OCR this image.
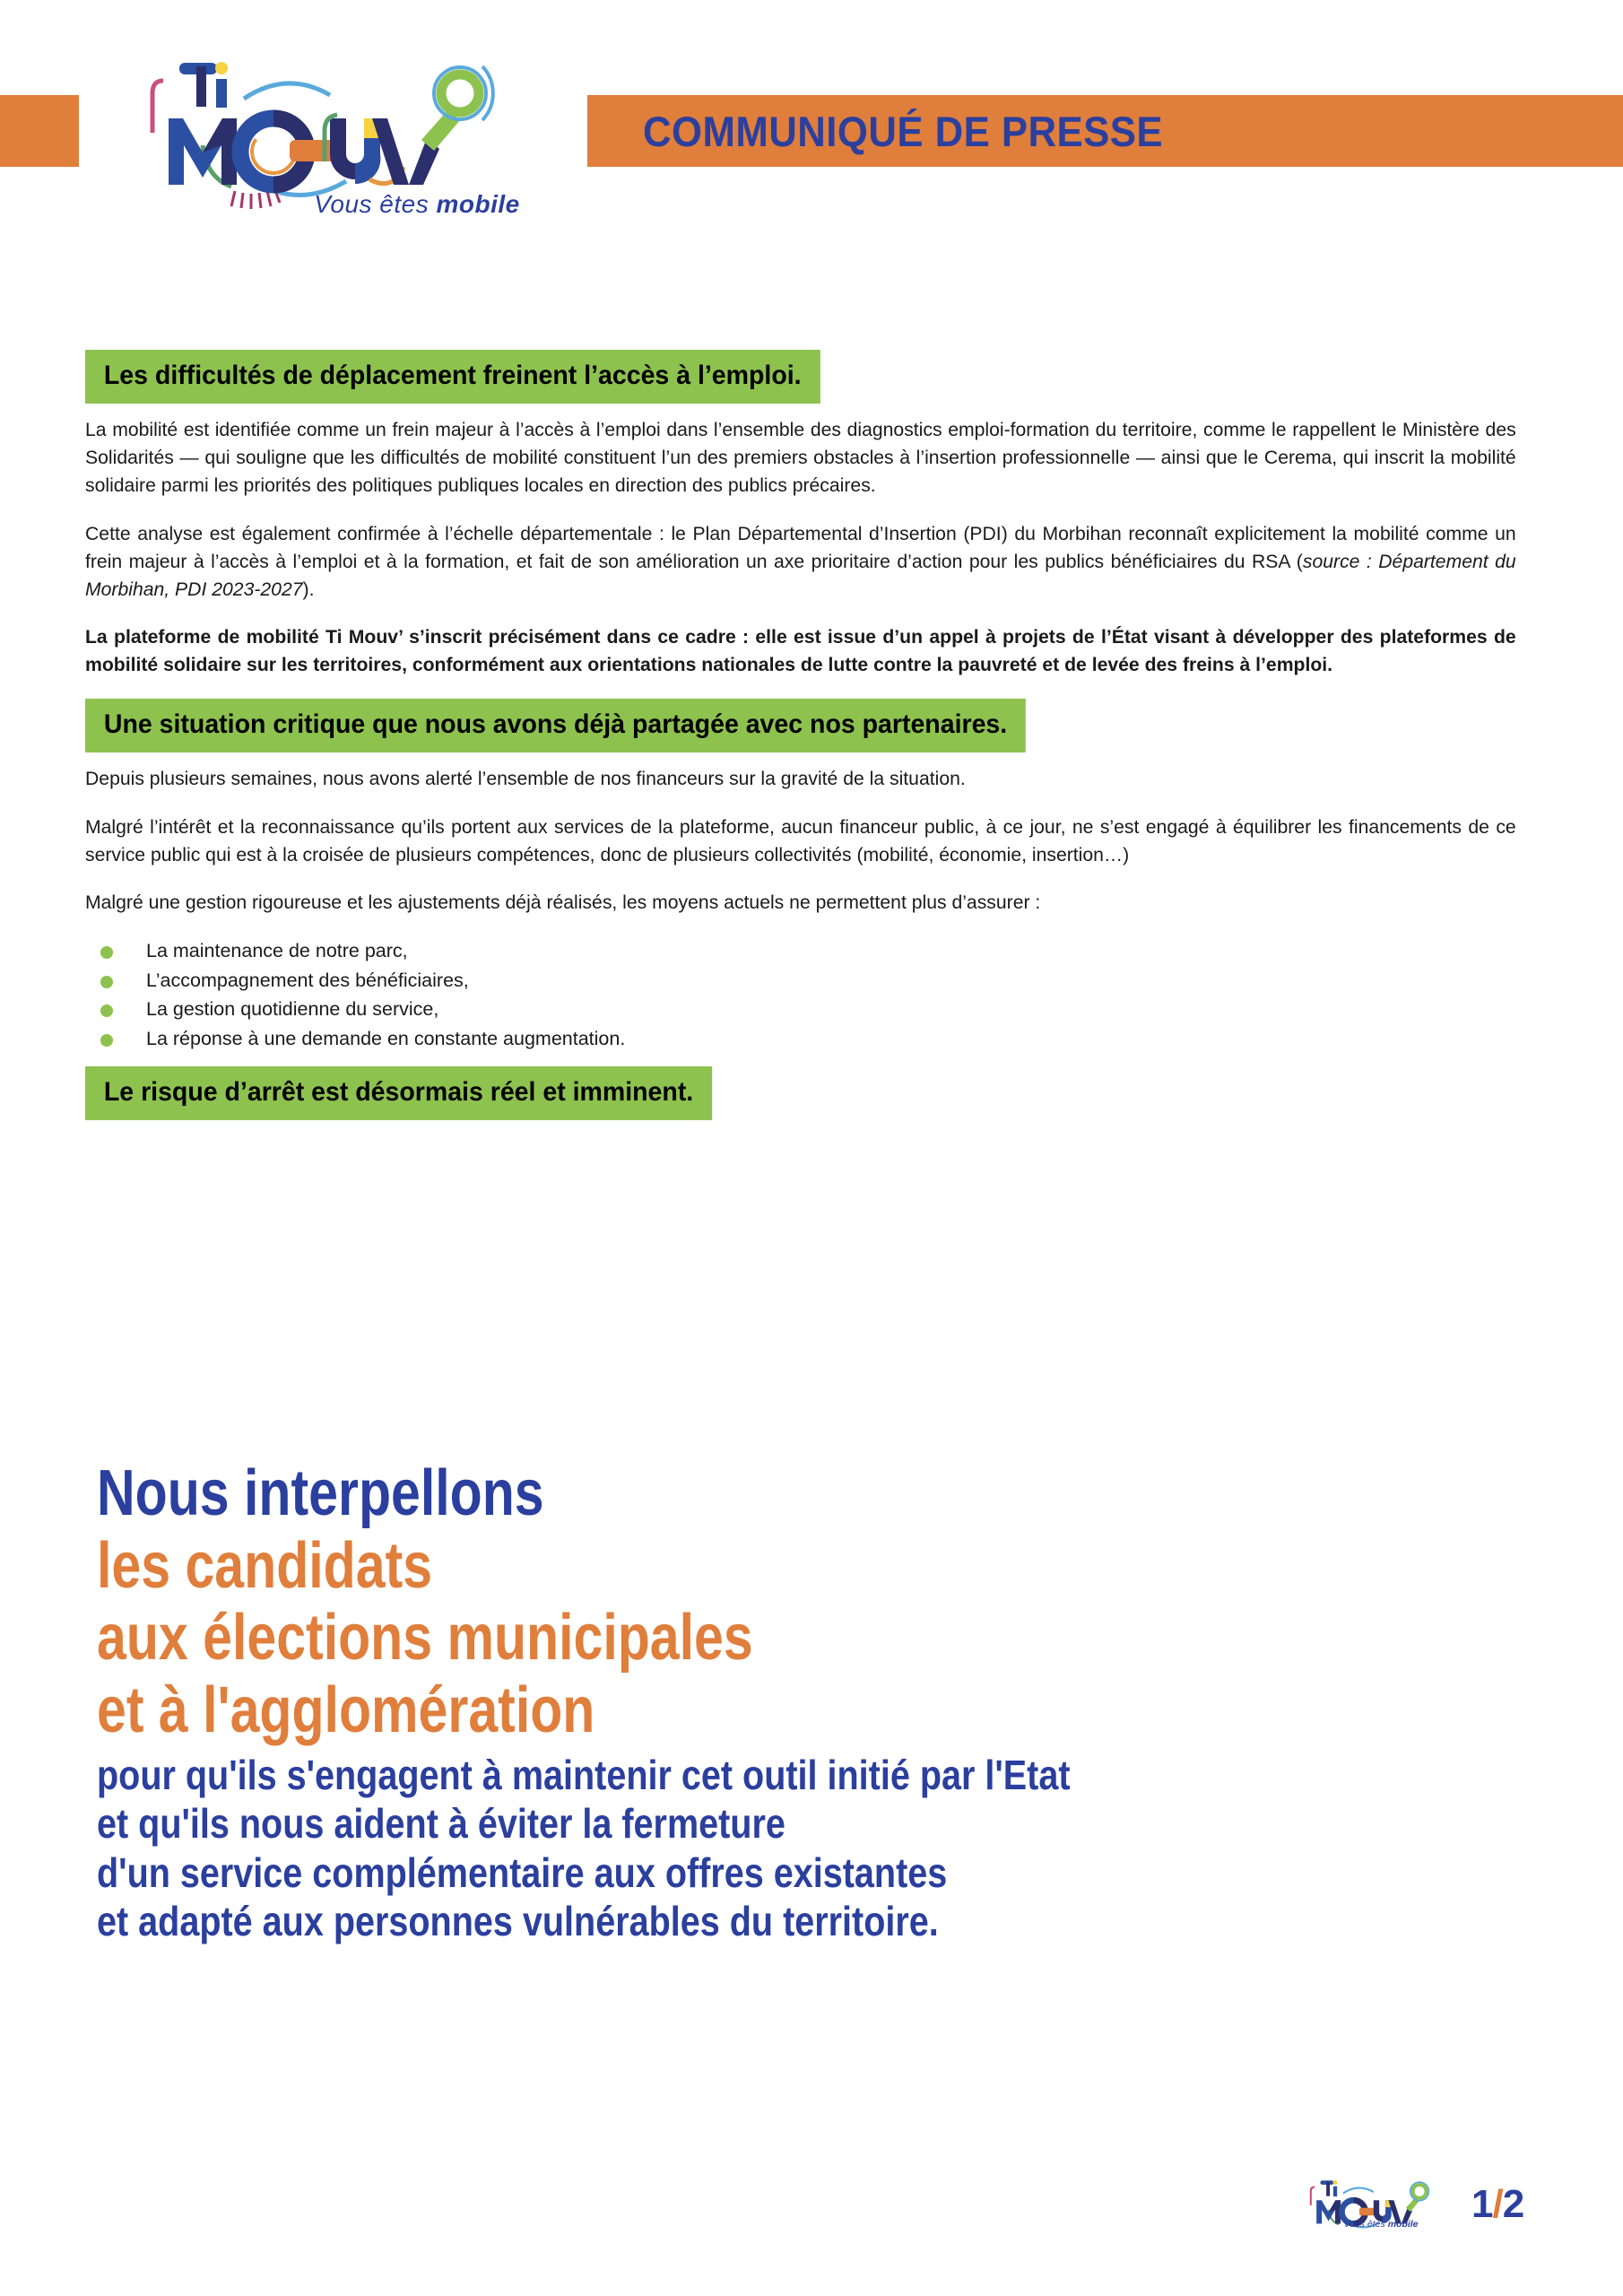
Vous êtes mobile
COMMUNIQUÉ DE PRESSE
Les difficultés de déplacement freinent l’accès à l’emploi.

La mobilité est identifiée comme un frein majeur à l’accès à l’emploi dans l’ensemble des diagnostics emploi-formation du territoire, comme le rappellent le Ministère des Solidarités — qui souligne que les difficultés de mobilité constituent l’un des premiers obstacles à l’insertion professionnelle — ainsi que le Cerema, qui inscrit la mobilité solidaire parmi les priorités des politiques publiques locales en direction des publics précaires.

Cette analyse est également confirmée à l’échelle départementale : le Plan Départemental d’Insertion (PDI) du Morbihan reconnaît explicitement la mobilité comme un frein majeur à l’accès à l’emploi et à la formation, et fait de son amélioration un axe prioritaire d’action pour les publics bénéficiaires du RSA (source : Département du Morbihan, PDI 2023-2027).

La plateforme de mobilité Ti Mouv’ s’inscrit précisément dans ce cadre : elle est issue d’un appel à projets de l’État visant à développer des plateformes de mobilité solidaire sur les territoires, conformément aux orientations nationales de lutte contre la pauvreté et de levée des freins à l’emploi.

Une situation critique que nous avons déjà partagée avec nos partenaires.

Depuis plusieurs semaines, nous avons alerté l’ensemble de nos financeurs sur la gravité de la situation.

Malgré l’intérêt et la reconnaissance qu’ils portent aux services de la plateforme, aucun financeur public, à ce jour, ne s’est engagé à équilibrer les financements de ce service public qui est à la croisée de plusieurs compétences, donc de plusieurs collectivités (mobilité, économie, insertion…)

Malgré une gestion rigoureuse et les ajustements déjà réalisés, les moyens actuels ne permettent plus d’assurer :

La maintenance de notre parc,
L’accompagnement des bénéficiaires,
La gestion quotidienne du service,
La réponse à une demande en constante augmentation.
Le risque d’arrêt est désormais réel et imminent.
Nous interpellons
les candidats
aux élections municipales
et à l'agglomération
pour qu'ils s'engagent à maintenir cet outil initié par l'Etat
et qu'ils nous aident à éviter la fermeture
d'un service complémentaire aux offres existantes
et adapté aux personnes vulnérables du territoire.
Vous êtes mobile	1/2
